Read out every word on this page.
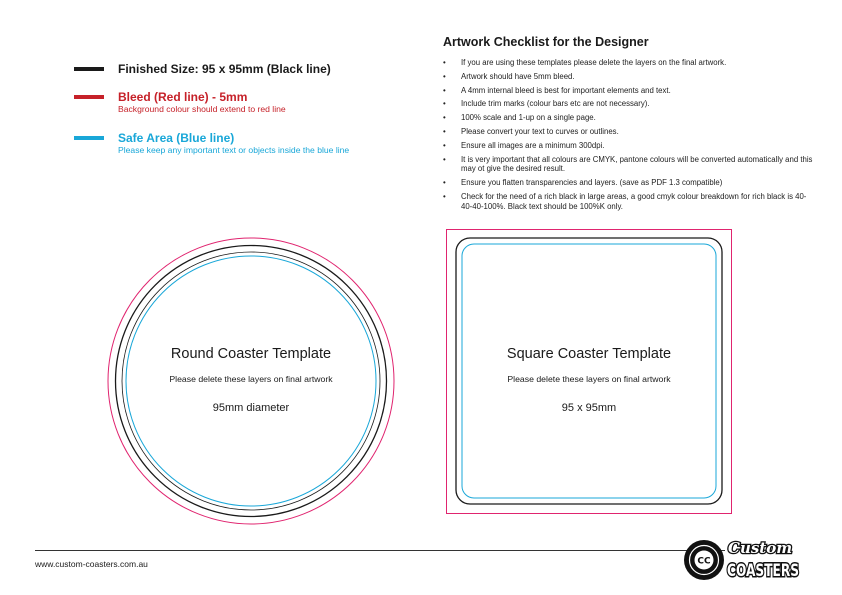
Finished Size: 95 x 95mm (Black line)
Bleed (Red line) - 5mm
Background colour should extend to red line
Safe Area (Blue line)
Please keep any important text or objects inside the blue line
Artwork Checklist for the Designer
• If you are using these templates please delete the layers on the final artwork.
• Artwork should have 5mm bleed.
• A 4mm internal bleed is best for important elements and text.
• Include trim marks (colour bars etc are not necessary).
• 100% scale and 1-up on a single page.
• Please convert your text to curves or outlines.
• Ensure all images are a minimum 300dpi.
• It is very important that all colours are CMYK, pantone colours will be converted automatically and this may ot give the desired result.
• Ensure you flatten transparencies and layers. (save as PDF 1.3 compatible)
• Check for the need of a rich black in large areas, a good cmyk colour breakdown for rich black is 40-40-40-100%. Black text should be 100%K only.
Round Coaster Template
Please delete these layers on final artwork
95mm diameter
Square Coaster Template
Please delete these layers on final artwork
95 x 95mm
www.custom-coasters.com.au	CC
Custom
COASTERS
